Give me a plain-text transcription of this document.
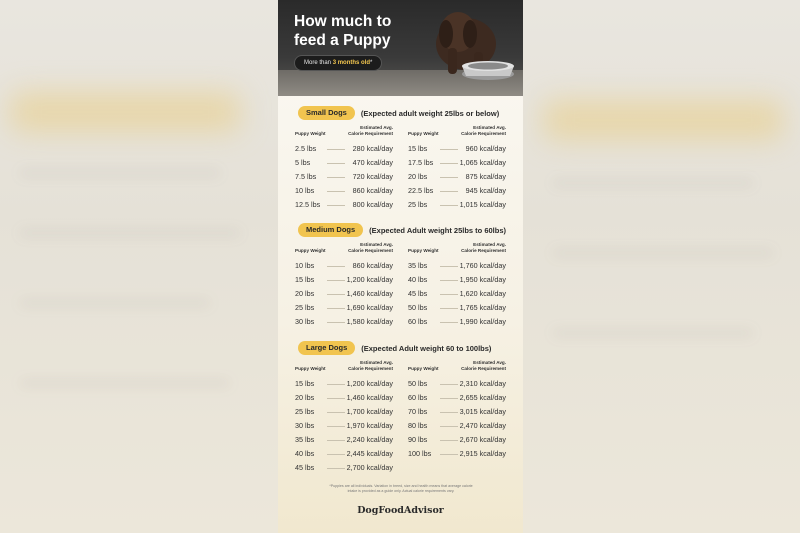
How much to feed a Puppy
More than 3 months old*
Small Dogs	(Expected adult weight 25lbs or below)
Puppy Weight
Estimated Avg.
Calorie Requirement
2.5 lbs	280 kcal/day
5 lbs	470 kcal/day
7.5 lbs	720 kcal/day
10 lbs	860 kcal/day
12.5 lbs	800 kcal/day
Puppy Weight
Estimated Avg.
Calorie Requirement
15 lbs	960 kcal/day
17.5 lbs	1,065 kcal/day
20 lbs	875 kcal/day
22.5 lbs	945 kcal/day
25 lbs	1,015 kcal/day
Medium Dogs	(Expected Adult weight 25lbs to 60lbs)
Puppy Weight
Estimated Avg.
Calorie Requirement
10 lbs	860 kcal/day
15 lbs	1,200 kcal/day
20 lbs	1,460 kcal/day
25 lbs	1,690 kcal/day
30 lbs	1,580 kcal/day
Puppy Weight
Estimated Avg.
Calorie Requirement
35 lbs	1,760 kcal/day
40 lbs	1,950 kcal/day
45 lbs	1,620 kcal/day
50 lbs	1,765 kcal/day
60 lbs	1,990 kcal/day
Large Dogs	(Expected Adult weight 60 to 100lbs)
Puppy Weight
Estimated Avg.
Calorie Requirement
15 lbs	1,200 kcal/day
20 lbs	1,460 kcal/day
25 lbs	1,700 kcal/day
30 lbs	1,970 kcal/day
35 lbs	2,240 kcal/day
40 lbs	2,445 kcal/day
45 lbs	2,700 kcal/day
Puppy Weight
Estimated Avg.
Calorie Requirement
50 lbs	2,310 kcal/day
60 lbs	2,655 kcal/day
70 lbs	3,015 kcal/day
80 lbs	2,470 kcal/day
90 lbs	2,670 kcal/day
100 lbs	2,915 kcal/day
*Puppies are all individuals. Variation in breed, size and health means that average calorie intake is provided as a guide only. Actual calorie requirements vary.
DogFoodAdvisor
